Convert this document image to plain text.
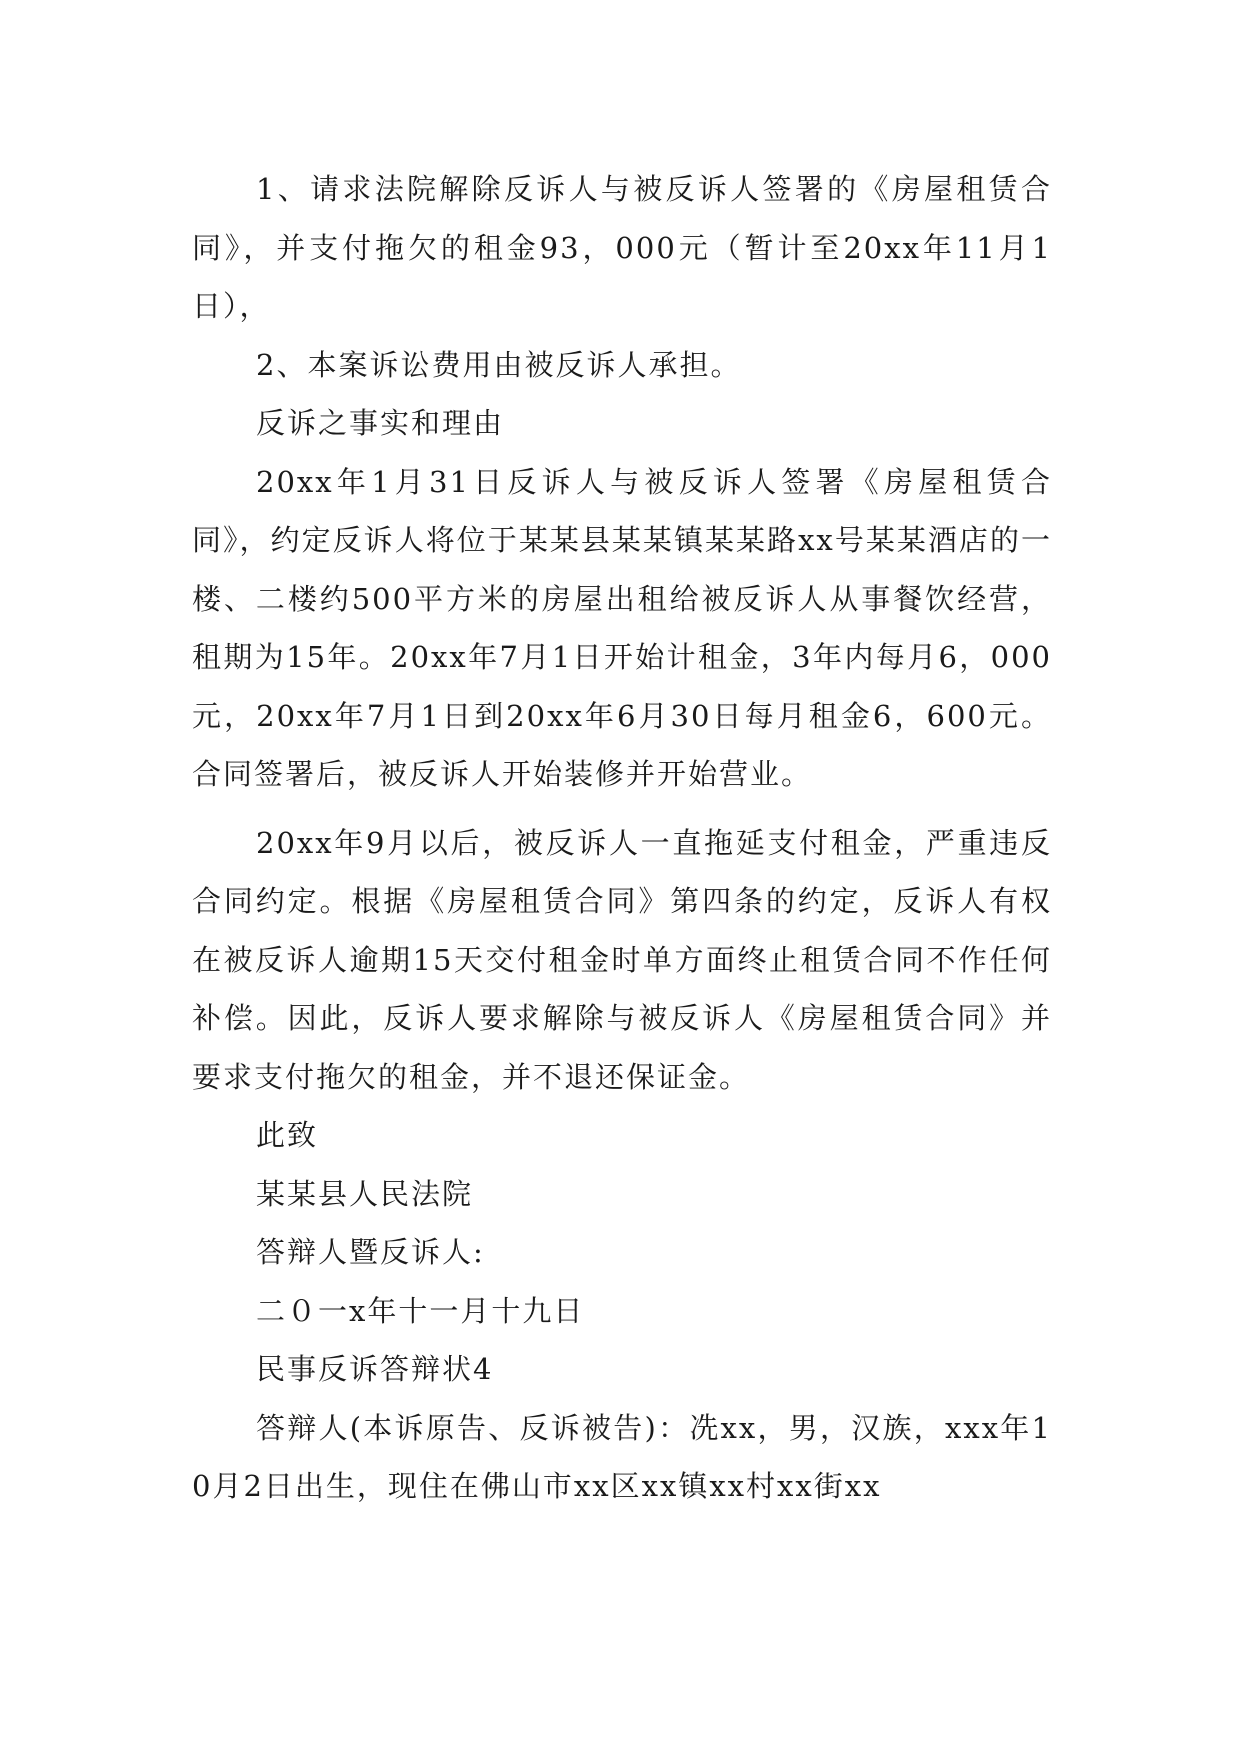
1、请求法院解除反诉人与被反诉人签署的《房屋租赁合同》，并支付拖欠的租金93，000元（暂计至20xx年11月1日），

2、本案诉讼费用由被反诉人承担。

反诉之事实和理由

20xx年1月31日反诉人与被反诉人签署《房屋租赁合同》，约定反诉人将位于某某县某某镇某某路xx号某某酒店的一楼、二楼约500平方米的房屋出租给被反诉人从事餐饮经营，租期为15年。20xx年7月1日开始计租金，3年内每月6，000元，20xx年7月1日到20xx年6月30日每月租金6，600元。合同签署后，被反诉人开始装修并开始营业。

20xx年9月以后，被反诉人一直拖延支付租金，严重违反合同约定。根据《房屋租赁合同》第四条的约定，反诉人有权在被反诉人逾期15天交付租金时单方面终止租赁合同不作任何补偿。因此，反诉人要求解除与被反诉人《房屋租赁合同》并要求支付拖欠的租金，并不退还保证金。

此致

某某县人民法院

答辩人暨反诉人:

二０一x年十一月十九日

民事反诉答辩状4

答辩人(本诉原告、反诉被告)：冼xx，男，汉族，xxx年10月2日出生，现住在佛山市xx区xx镇xx村xx街xx
